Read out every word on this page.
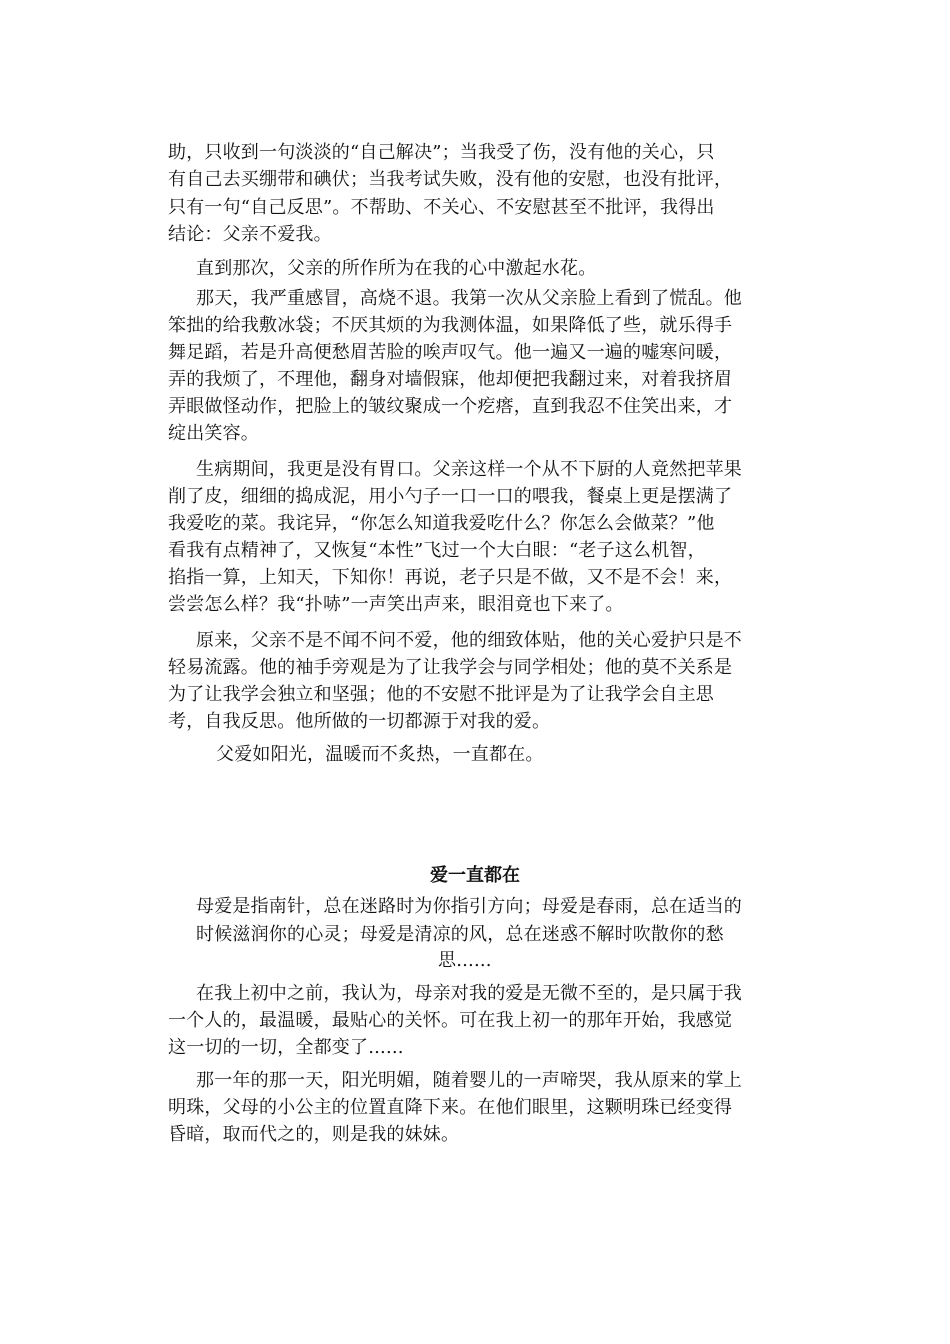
助，只收到一句淡淡的“自己解决”；当我受了伤，没有他的关心，只
有自己去买绷带和碘伏；当我考试失败，没有他的安慰，也没有批评，
只有一句“自己反思”。不帮助、不关心、不安慰甚至不批评，我得出
结论：父亲不爱我。
直到那次，父亲的所作所为在我的心中激起水花。
那天，我严重感冒，高烧不退。我第一次从父亲脸上看到了慌乱。他
笨拙的给我敷冰袋；不厌其烦的为我测体温，如果降低了些，就乐得手
舞足蹈，若是升高便愁眉苦脸的唉声叹气。他一遍又一遍的嘘寒问暖，
弄的我烦了，不理他，翻身对墙假寐，他却便把我翻过来，对着我挤眉
弄眼做怪动作，把脸上的皱纹聚成一个疙瘩，直到我忍不住笑出来，才
绽出笑容。
生病期间，我更是没有胃口。父亲这样一个从不下厨的人竟然把苹果
削了皮，细细的捣成泥，用小勺子一口一口的喂我，餐桌上更是摆满了
我爱吃的菜。我诧异，“你怎么知道我爱吃什么？你怎么会做菜？”他
看我有点精神了，又恢复“本性”飞过一个大白眼：“老子这么机智，
掐指一算，上知天，下知你！再说，老子只是不做，又不是不会！来，
尝尝怎么样？我“扑哧”一声笑出声来，眼泪竟也下来了。
原来，父亲不是不闻不问不爱，他的细致体贴，他的关心爱护只是不
轻易流露。他的袖手旁观是为了让我学会与同学相处；他的莫不关系是
为了让我学会独立和坚强；他的不安慰不批评是为了让我学会自主思
考，自我反思。他所做的一切都源于对我的爱。
父爱如阳光，温暖而不炙热，一直都在。
爱一直都在
母爱是指南针，总在迷路时为你指引方向；母爱是春雨，总在适当的
时候滋润你的心灵；母爱是清凉的风，总在迷惑不解时吹散你的愁
思......
在我上初中之前，我认为，母亲对我的爱是无微不至的，是只属于我
一个人的，最温暖，最贴心的关怀。可在我上初一的那年开始，我感觉
这一切的一切，全都变了......
那一年的那一天，阳光明媚，随着婴儿的一声啼哭，我从原来的掌上
明珠，父母的小公主的位置直降下来。在他们眼里，这颗明珠已经变得
昏暗，取而代之的，则是我的妹妹。
